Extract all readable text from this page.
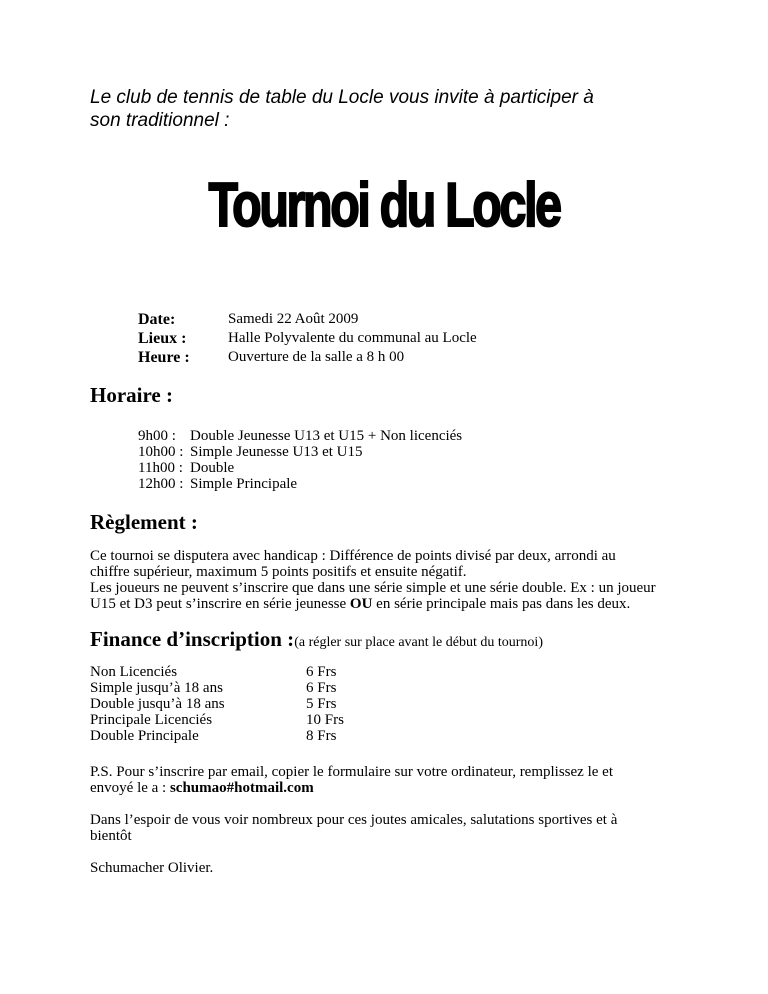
Le club de tennis de table du Locle vous invite à participer à
son traditionnel :
Tournoi du Locle
Date:	Samedi 22 Août 2009
Lieux :	Halle Polyvalente du communal au Locle
Heure :	Ouverture de la salle a 8 h 00
Horaire :
9h00 : Double Jeunesse U13 et U15 + Non licenciés
10h00 : Simple Jeunesse U13 et U15
11h00 : Double
12h00 : Simple Principale
Règlement :
Ce tournoi se disputera avec handicap : Différence de points divisé par deux, arrondi au
chiffre supérieur, maximum 5 points positifs et ensuite négatif.
Les joueurs ne peuvent s’inscrire que dans une série simple et une série double. Ex : un joueur
U15 et D3 peut s’inscrire en série jeunesse OU en série principale mais pas dans les deux.
Finance d’inscription :(a régler sur place avant le début du tournoi)
Non Licenciés	6 Frs
Simple jusqu’à 18 ans	6 Frs
Double jusqu’à 18 ans	5 Frs
Principale Licenciés	10 Frs
Double Principale	8 Frs
P.S. Pour s’inscrire par email, copier le formulaire sur votre ordinateur, remplissez le et
envoyé le a : schumao#hotmail.com
Dans l’espoir de vous voir nombreux pour ces joutes amicales, salutations sportives et à
bientôt
Schumacher Olivier.
